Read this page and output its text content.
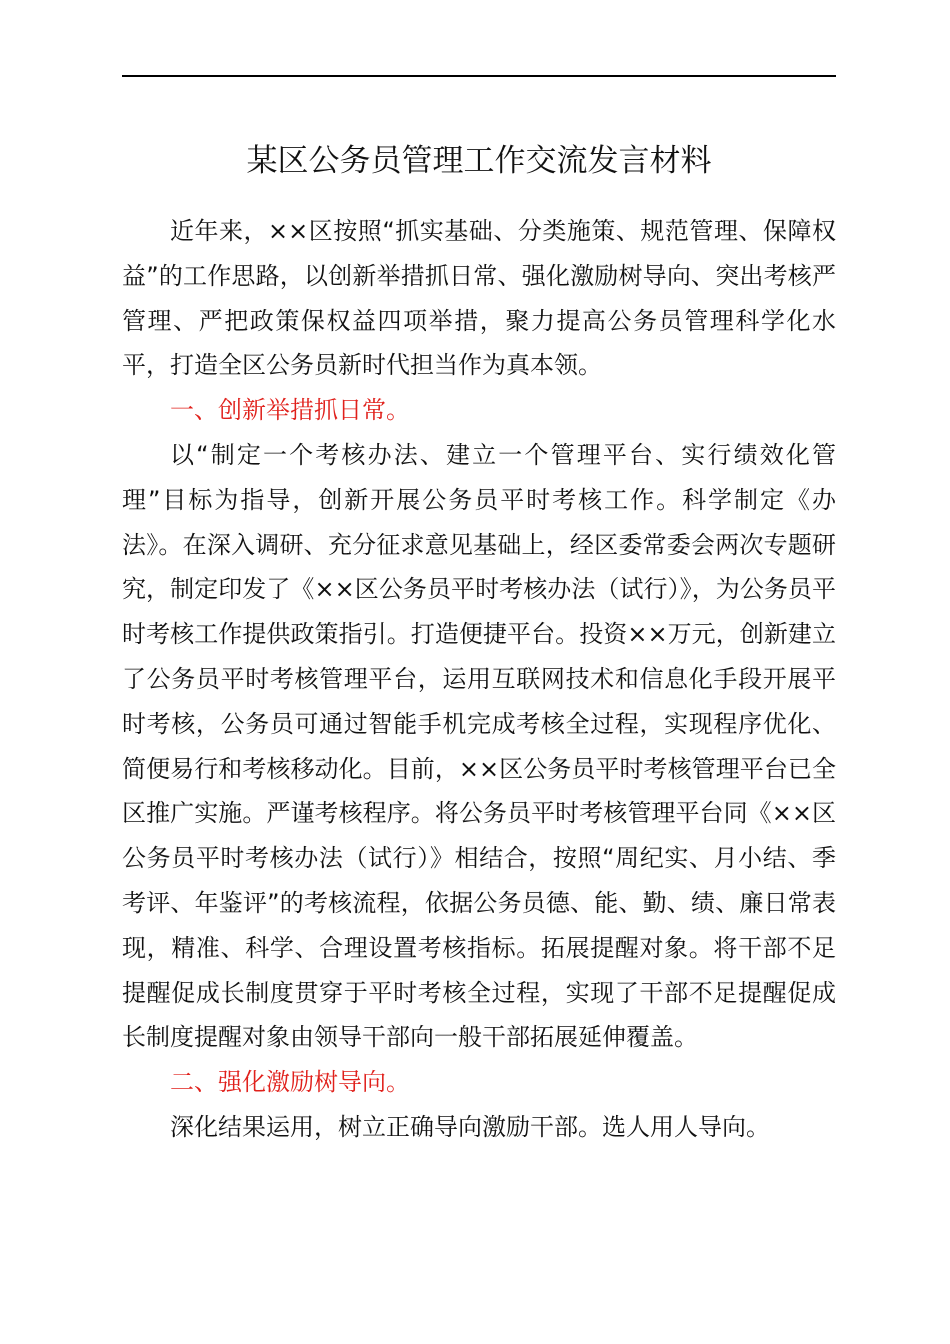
某区公务员管理工作交流发言材料

近年来，××区按照“抓实基础、分类施策、规范管理、保障权益”的工作思路，以创新举措抓日常、强化激励树导向、突出考核严管理、严把政策保权益四项举措，聚力提高公务员管理科学化水平，打造全区公务员新时代担当作为真本领。

一、创新举措抓日常。

以“制定一个考核办法、建立一个管理平台、实行绩效化管理”目标为指导，创新开展公务员平时考核工作。科学制定《办法》。在深入调研、充分征求意见基础上，经区委常委会两次专题研究，制定印发了《××区公务员平时考核办法（试行）》，为公务员平时考核工作提供政策指引。打造便捷平台。投资××万元，创新建立了公务员平时考核管理平台，运用互联网技术和信息化手段开展平时考核，公务员可通过智能手机完成考核全过程，实现程序优化、简便易行和考核移动化。目前，××区公务员平时考核管理平台已全区推广实施。严谨考核程序。将公务员平时考核管理平台同《××区公务员平时考核办法（试行）》相结合，按照“周纪实、月小结、季考评、年鉴评”的考核流程，依据公务员德、能、勤、绩、廉日常表现，精准、科学、合理设置考核指标。拓展提醒对象。将干部不足提醒促成长制度贯穿于平时考核全过程，实现了干部不足提醒促成长制度提醒对象由领导干部向一般干部拓展延伸覆盖。

二、强化激励树导向。

深化结果运用，树立正确导向激励干部。选人用人导向。
